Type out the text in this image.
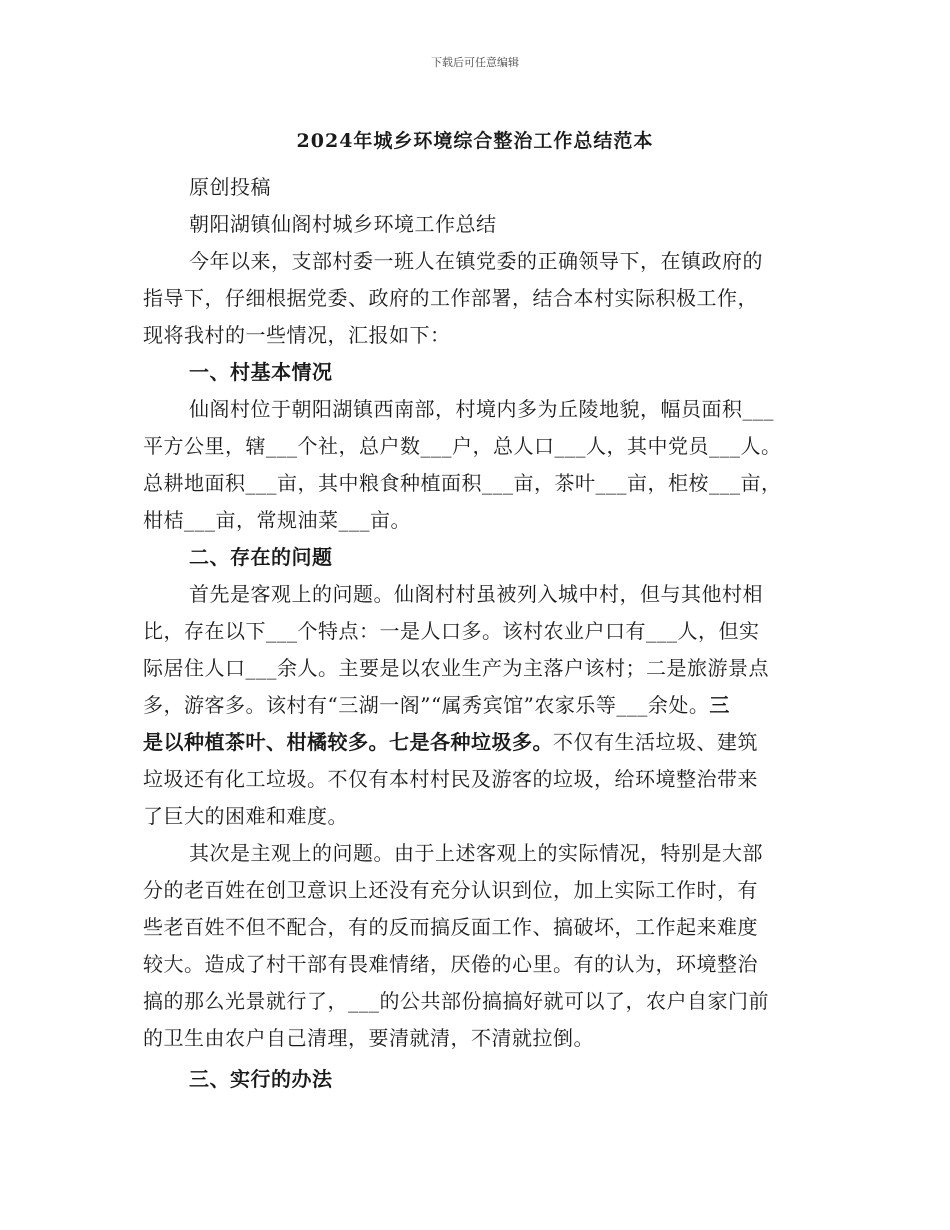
下载后可任意编辑
2024年城乡环境综合整治工作总结范本
原创投稿
朝阳湖镇仙阁村城乡环境工作总结
今年以来，支部村委一班人在镇党委的正确领导下，在镇政府的
指导下，仔细根据党委、政府的工作部署，结合本村实际积极工作，
现将我村的一些情况，汇报如下：
一、村基本情况
仙阁村位于朝阳湖镇西南部，村境内多为丘陵地貌，幅员面积___
平方公里，辖___个社，总户数___户，总人口___人，其中党员___人。
总耕地面积___亩，其中粮食种植面积___亩，茶叶___亩，柜桉___亩，
柑桔___亩，常规油菜___亩。
二、存在的问题
首先是客观上的问题。仙阁村村虽被列入城中村，但与其他村相
比，存在以下___个特点：一是人口多。该村农业户口有___人，但实
际居住人口___余人。主要是以农业生产为主落户该村；二是旅游景点
多，游客多。该村有“三湖一阁”“属秀宾馆”农家乐等___余处。三
是以种植茶叶、柑橘较多。七是各种垃圾多。不仅有生活垃圾、建筑
垃圾还有化工垃圾。不仅有本村村民及游客的垃圾，给环境整治带来
了巨大的困难和难度。
其次是主观上的问题。由于上述客观上的实际情况，特别是大部
分的老百姓在创卫意识上还没有充分认识到位，加上实际工作时，有
些老百姓不但不配合，有的反而搞反面工作、搞破坏，工作起来难度
较大。造成了村干部有畏难情绪，厌倦的心里。有的认为，环境整治
搞的那么光景就行了，___的公共部份搞搞好就可以了，农户自家门前
的卫生由农户自己清理，要清就清，不清就拉倒。
三、实行的办法
